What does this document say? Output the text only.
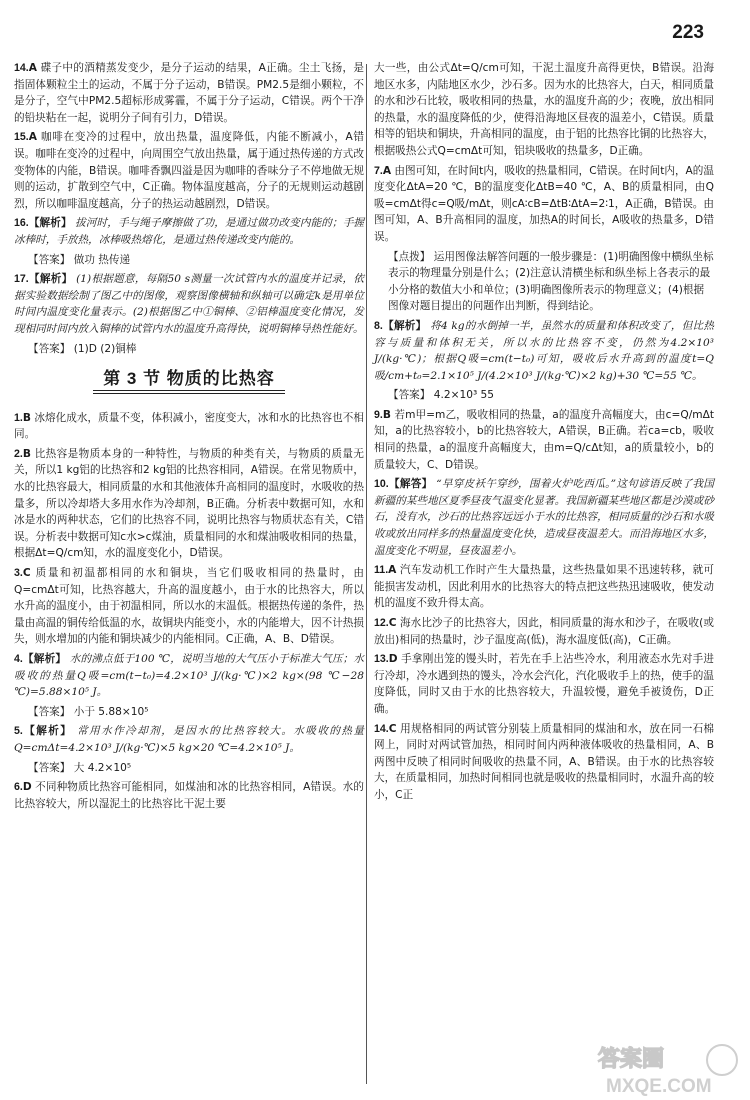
223
14.A 碟子中的酒精蒸发变少，是分子运动的结果，A正确。尘土飞扬，是指固体颗粒尘土的运动，不属于分子运动，B错误。PM2.5是细小颗粒，不是分子，空气中PM2.5超标形成雾霾，不属于分子运动，C错误。两个干净的铅块粘在一起，说明分子间有引力，D错误。
15.A 咖啡在变冷的过程中，放出热量，温度降低，内能不断减小，A错误。咖啡在变冷的过程中，向周围空气放出热量，属于通过热传递的方式改变物体的内能，B错误。咖啡香飘四溢是因为咖啡的香味分子不停地做无规则的运动，扩散到空气中，C正确。物体温度越高，分子的无规则运动越剧烈，所以咖啡温度越高，分子的热运动越剧烈，D错误。
16.【解析】 拔河时，手与绳子摩擦做了功，是通过做功改变内能的；手握冰棒时，手放热，冰棒吸热熔化，是通过热传递改变内能的。
【答案】 做功 热传递
17.【解析】 (1)根据题意，每隔50 s测量一次试管内水的温度并记录，依据实验数据绘制了图乙中的图像，观察图像横轴和纵轴可以确定k是用单位时间内温度变化量表示。(2)根据图乙中①铜棒、②铝棒温度变化情况，发现相同时间内放入铜棒的试管内水的温度升高得快，说明铜棒导热性能好。
【答案】 (1)D (2)铜棒
第 3 节 物质的比热容
1.B 冰熔化成水，质量不变，体积减小，密度变大，冰和水的比热容也不相同。
2.B 比热容是物质本身的一种特性，与物质的种类有关，与物质的质量无关，所以1 kg铝的比热容和2 kg铝的比热容相同，A错误。在常见物质中，水的比热容最大，相同质量的水和其他液体升高相同的温度时，水吸收的热量多，所以冷却塔大多用水作为冷却剂，B正确。分析表中数据可知，水和冰是水的两种状态，它们的比热容不同，说明比热容与物质状态有关，C错误。分析表中数据可知c水>c煤油，质量相同的水和煤油吸收相同的热量，根据Δt=Q/cm知，水的温度变化小，D错误。
3.C 质量和初温都相同的水和铜块，当它们吸收相同的热量时，由Q=cmΔt可知，比热容越大，升高的温度越小，由于水的比热容大，所以水升高的温度小，由于初温相同，所以水的末温低。根据热传递的条件，热量由高温的铜传给低温的水，故铜块内能变小，水的内能增大，因不计热损失，则水增加的内能和铜块减少的内能相同。C正确，A、B、D错误。
4.【解析】 水的沸点低于100 ℃，说明当地的大气压小于标准大气压；水吸收的热量Q吸=cm(t−t₀)=4.2×10³ J/(kg·℃)×2 kg×(98 ℃−28 ℃)=5.88×10⁵ J。
【答案】 小于 5.88×10⁵
5.【解析】 常用水作冷却剂，是因水的比热容较大。水吸收的热量Q=cmΔt=4.2×10³ J/(kg·℃)×5 kg×20 ℃=4.2×10⁵ J。
【答案】 大 4.2×10⁵
6.D 不同种物质比热容可能相同，如煤油和冰的比热容相同，A错误。水的比热容较大，所以湿泥土的比热容比干泥土要
大一些，由公式Δt=Q/cm可知，干泥土温度升高得更快，B错误。沿海地区水多，内陆地区水少，沙石多。因为水的比热容大，白天，相同质量的水和沙石比较，吸收相同的热量，水的温度升高的少；夜晚，放出相同的热量，水的温度降低的少，使得沿海地区昼夜的温差小，C错误。质量相等的铝块和铜块，升高相同的温度，由于铝的比热容比铜的比热容大，根据吸热公式Q=cmΔt可知，铝块吸收的热量多，D正确。
7.A 由图可知，在时间t内，吸收的热量相同，C错误。在时间t内，A的温度变化ΔtA=20 ℃，B的温度变化ΔtB=40 ℃，A、B的质量相同，由Q吸=cmΔt得c=Q吸/mΔt，则cA∶cB=ΔtB∶ΔtA=2∶1，A正确，B错误。由图可知，A、B升高相同的温度，加热A的时间长，A吸收的热量多，D错误。
【点拨】 运用图像法解答问题的一般步骤是：(1)明确图像中横纵坐标表示的物理量分别是什么；(2)注意认清横坐标和纵坐标上各表示的最小分格的数值大小和单位；(3)明确图像所表示的物理意义；(4)根据图像对题目提出的问题作出判断，得到结论。
8.【解析】 将4 kg的水倒掉一半，虽然水的质量和体积改变了，但比热容与质量和体积无关，所以水的比热容不变，仍然为4.2×10³ J/(kg·℃)；根据Q吸=cm(t−t₀)可知，吸收后水升高到的温度t=Q吸/cm+t₀=2.1×10⁵ J/(4.2×10³ J/(kg·℃)×2 kg)+30 ℃=55 ℃。
【答案】 4.2×10³ 55
9.B 若m甲=m乙，吸收相同的热量，a的温度升高幅度大，由c=Q/mΔt知，a的比热容较小，b的比热容较大，A错误，B正确。若ca=cb，吸收相同的热量，a的温度升高幅度大，由m=Q/cΔt知，a的质量较小，b的质量较大，C、D错误。
10.【解答】 “早穿皮袄午穿纱，围着火炉吃西瓜。”这句谚语反映了我国新疆的某些地区夏季昼夜气温变化显著。我国新疆某些地区都是沙漠或砂石，没有水，沙石的比热容远远小于水的比热容，相同质量的沙石和水吸收或放出同样多的热量温度变化快，造成昼夜温差大。而沿海地区水多，温度变化不明显，昼夜温差小。
11.A 汽车发动机工作时产生大量热量，这些热量如果不迅速转移，就可能损害发动机，因此利用水的比热容大的特点把这些热迅速吸收，使发动机的温度不致升得太高。
12.C 海水比沙子的比热容大，因此，相同质量的海水和沙子，在吸收(或放出)相同的热量时，沙子温度高(低)，海水温度低(高)，C正确。
13.D 手拿刚出笼的馒头时，若先在手上沾些冷水，利用液态水先对手进行冷却，冷水遇到热的馒头，冷水会汽化，汽化吸收手上的热，使手的温度降低，同时又由于水的比热容较大，升温较慢，避免手被烫伤，D正确。
14.C 用规格相同的两试管分别装上质量相同的煤油和水，放在同一石棉网上，同时对两试管加热，相同时间内两种液体吸收的热量相同，A、B两图中反映了相同时间吸收的热量不同，A、B错误。由于水的比热容较大，在质量相同，加热时间相同也就是吸收的热量相同时，水温升高的较小，C正
答案圈
MXQE.COM
